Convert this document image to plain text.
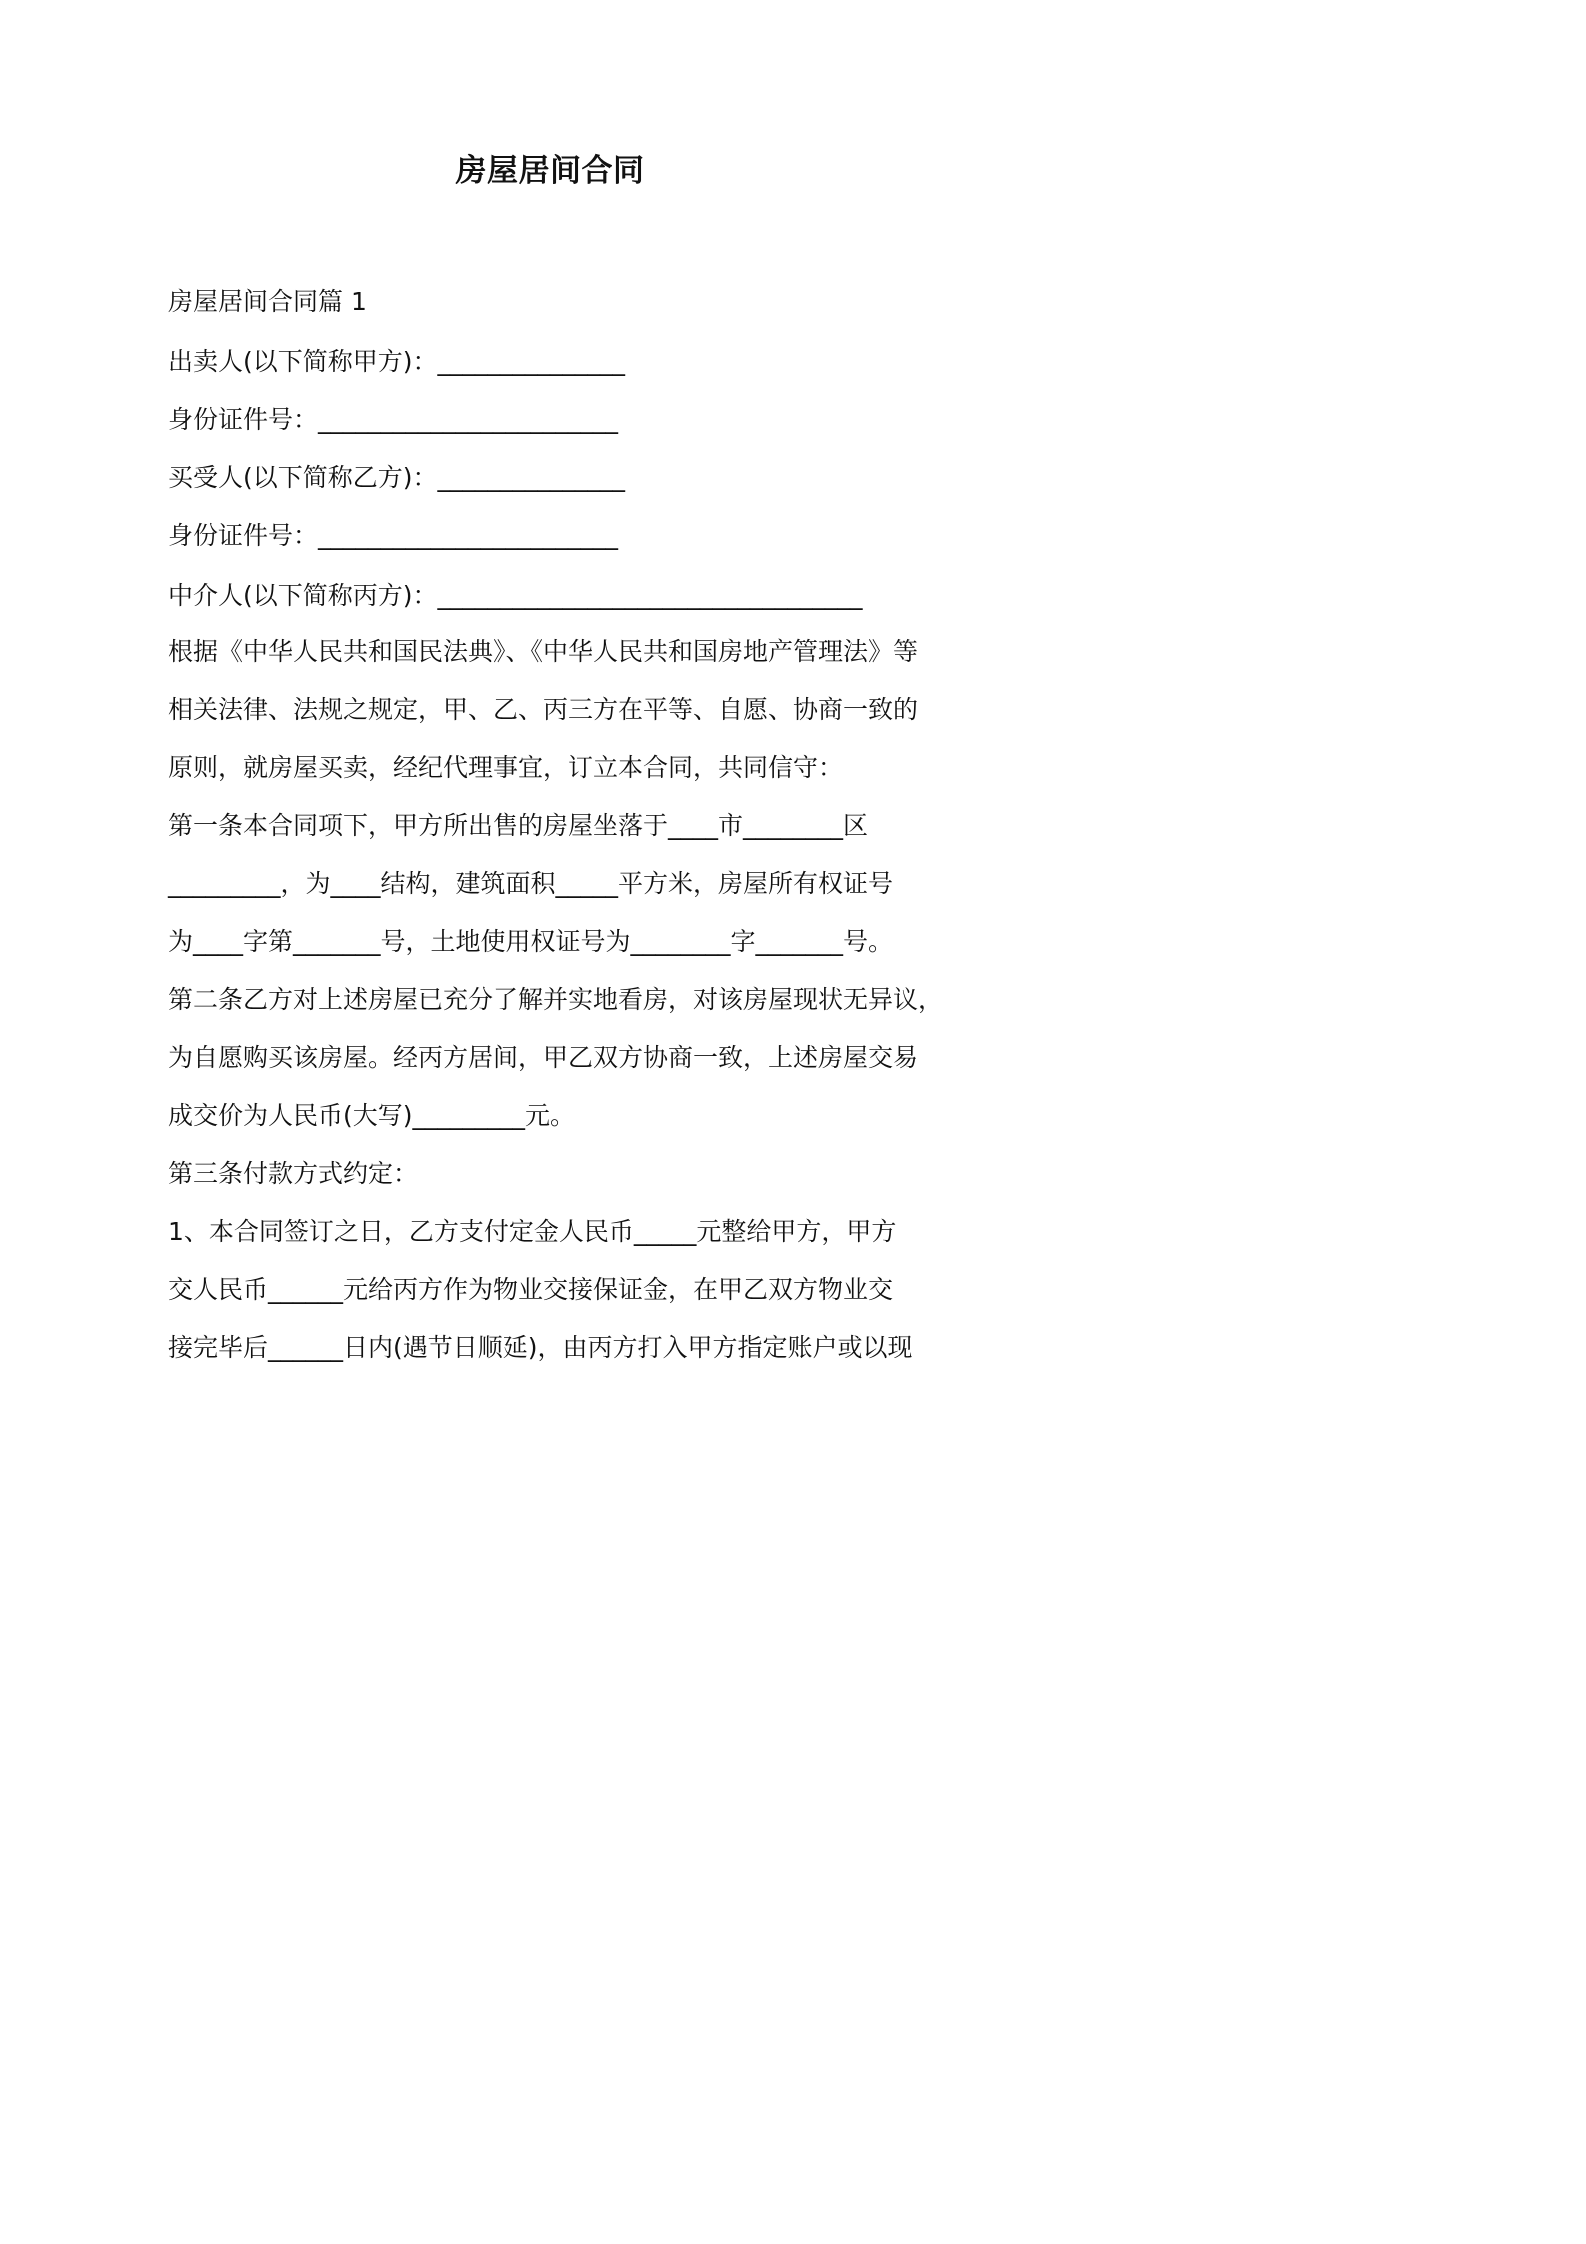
房屋居间合同
房屋居间合同篇 1
出卖人(以下简称甲方)：_______________
身份证件号：________________________
买受人(以下简称乙方)：_______________
身份证件号：________________________
中介人(以下简称丙方)：__________________________________
根据《中华人民共和国民法典》、《中华人民共和国房地产管理法》等
相关法律、法规之规定，甲、乙、丙三方在平等、自愿、协商一致的
原则，就房屋买卖，经纪代理事宜，订立本合同，共同信守：
第一条本合同项下，甲方所出售的房屋坐落于____市________区
_________，为____结构，建筑面积_____平方米，房屋所有权证号
为____字第_______号，土地使用权证号为________字_______号。
第二条乙方对上述房屋已充分了解并实地看房，对该房屋现状无异议，
为自愿购买该房屋。经丙方居间，甲乙双方协商一致，上述房屋交易
成交价为人民币(大写)_________元。
第三条付款方式约定：
1、本合同签订之日，乙方支付定金人民币_____元整给甲方，甲方
交人民币______元给丙方作为物业交接保证金，在甲乙双方物业交
接完毕后______日内(遇节日顺延)，由丙方打入甲方指定账户或以现
